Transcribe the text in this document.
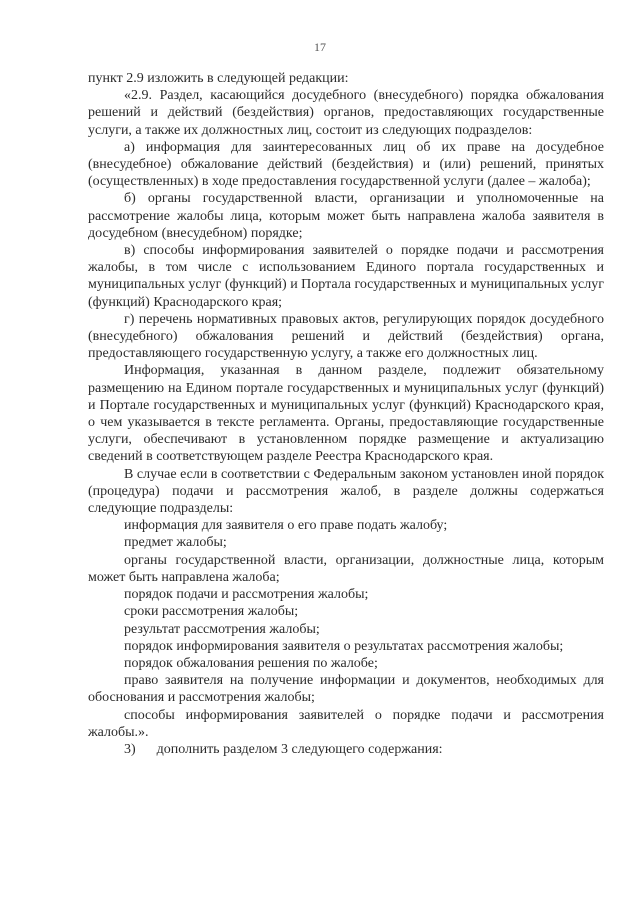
17

пункт 2.9 изложить в следующей редакции:

«2.9. Раздел, касающийся досудебного (внесудебного) порядка обжалования решений и действий (бездействия) органов, предоставляющих государственные услуги, а также их должностных лиц, состоит из следующих подразделов:

а) информация для заинтересованных лиц об их праве на досудебное (внесудебное) обжалование действий (бездействия) и (или) решений, принятых (осуществленных) в ходе предоставления государственной услуги (далее – жалоба);

б) органы государственной власти, организации и уполномоченные на рассмотрение жалобы лица, которым может быть направлена жалоба заявителя в досудебном (внесудебном) порядке;

в) способы информирования заявителей о порядке подачи и рассмотрения жалобы, в том числе с использованием Единого портала государственных и муниципальных услуг (функций) и Портала государственных и муниципальных услуг (функций) Краснодарского края;

г) перечень нормативных правовых актов, регулирующих порядок досудебного (внесудебного) обжалования решений и действий (бездействия) органа, предоставляющего государственную услугу, а также его должностных лиц.

Информация, указанная в данном разделе, подлежит обязательному размещению на Едином портале государственных и муниципальных услуг (функций) и Портале государственных и муниципальных услуг (функций) Краснодарского края, о чем указывается в тексте регламента. Органы, предоставляющие государственные услуги, обеспечивают в установленном порядке размещение и актуализацию сведений в соответствующем разделе Реестра Краснодарского края.

В случае если в соответствии с Федеральным законом установлен иной порядок (процедура) подачи и рассмотрения жалоб, в разделе должны содержаться следующие подразделы:

информация для заявителя о его праве подать жалобу;

предмет жалобы;

органы государственной власти, организации, должностные лица, которым может быть направлена жалоба;

порядок подачи и рассмотрения жалобы;

сроки рассмотрения жалобы;

результат рассмотрения жалобы;

порядок информирования заявителя о результатах рассмотрения жалобы;

порядок обжалования решения по жалобе;

право заявителя на получение информации и документов, необходимых для обоснования и рассмотрения жалобы;

способы информирования заявителей о порядке подачи и рассмотрения жалобы.».

3)      дополнить разделом 3 следующего содержания:
